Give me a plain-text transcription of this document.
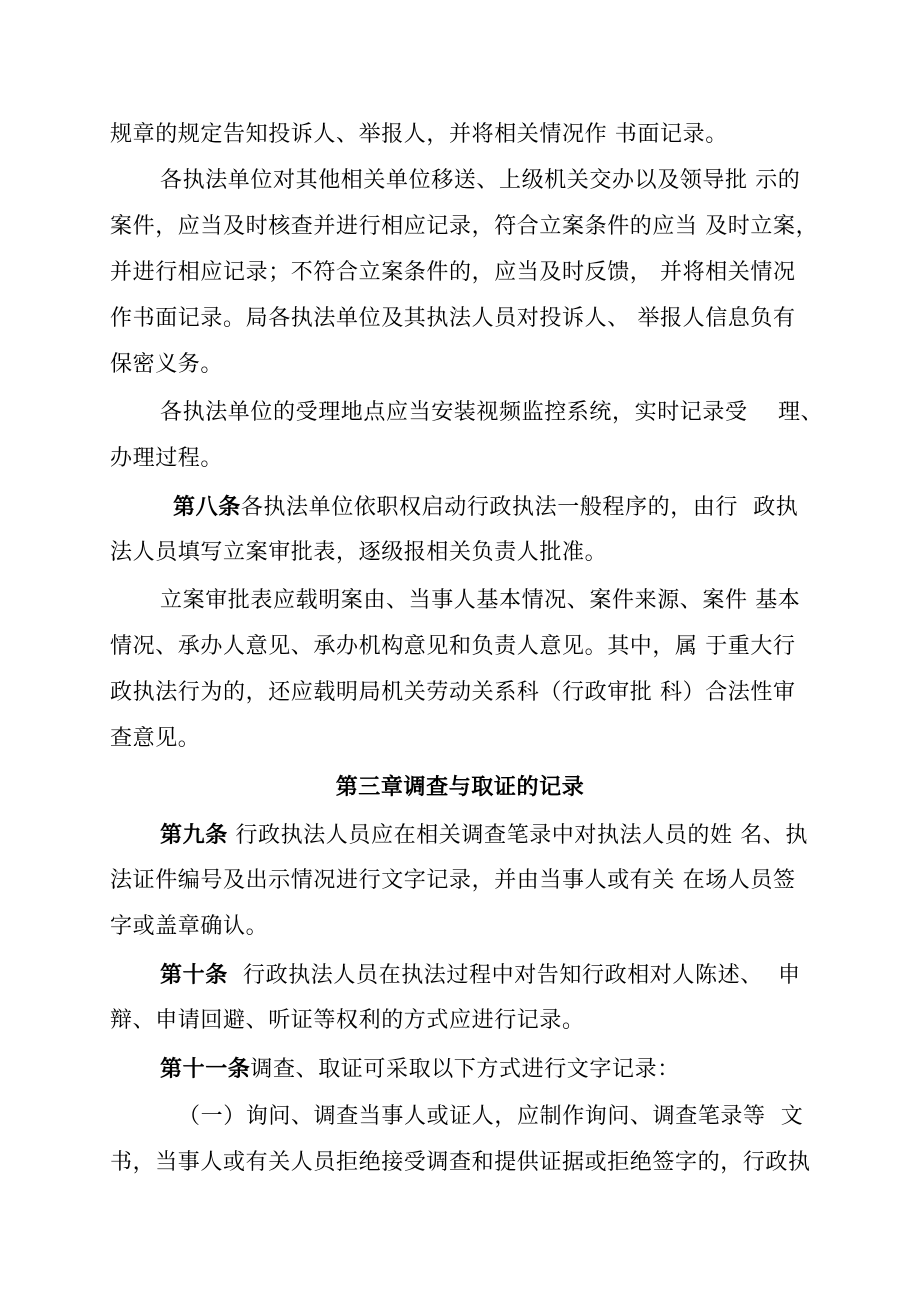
规章的规定告知投诉人、举报人，并将相关情况作 书面记录。

各执法单位对其他相关单位移送、上级机关交办以及领导批 示的

案件，应当及时核查并进行相应记录，符合立案条件的应当 及时立案，

并进行相应记录；不符合立案条件的，应当及时反馈， 并将相关情况

作书面记录。局各执法单位及其执法人员对投诉人、 举报人信息负有

保密义务。

各执法单位的受理地点应当安装视频监控系统，实时记录受    理、

办理过程。

第八条各执法单位依职权启动行政执法一般程序的，由行  政执

法人员填写立案审批表，逐级报相关负责人批准。

立案审批表应载明案由、当事人基本情况、案件来源、案件 基本

情况、承办人意见、承办机构意见和负责人意见。其中，属 于重大行

政执法行为的，还应载明局机关劳动关系科（行政审批 科）合法性审

查意见。

第三章调查与取证的记录

第九条 行政执法人员应在相关调查笔录中对执法人员的姓 名、执

法证件编号及出示情况进行文字记录，并由当事人或有关 在场人员签

字或盖章确认。

第十条 行政执法人员在执法过程中对告知行政相对人陈述、  申

辩、申请回避、听证等权利的方式应进行记录。

第十一条调查、取证可采取以下方式进行文字记录：

（一）询问、调查当事人或证人，应制作询问、调查笔录等  文

书，当事人或有关人员拒绝接受调查和提供证据或拒绝签字的，行政执
